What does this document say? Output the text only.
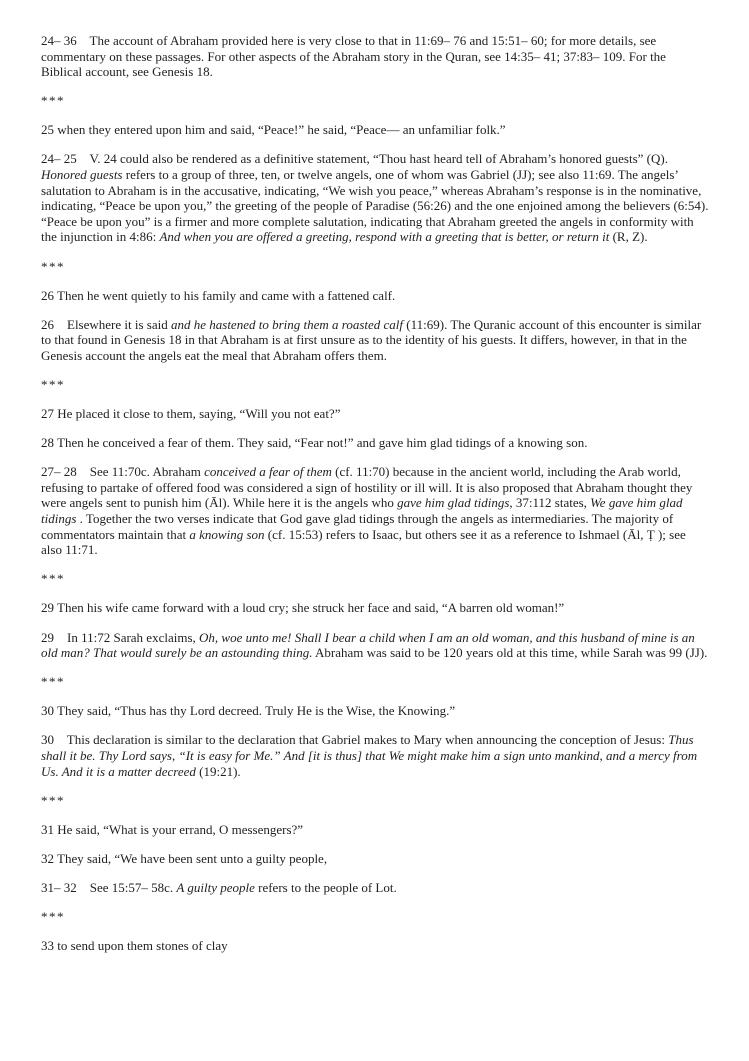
24– 36    The account of Abraham provided here is very close to that in 11:69– 76 and 15:51– 60; for more details, see commentary on these passages. For other aspects of the Abraham story in the Quran, see 14:35– 41; 37:83– 109. For the Biblical account, see Genesis 18.

***

25 when they entered upon him and said, “Peace!” he said, “Peace— an unfamiliar folk.”

24– 25    V. 24 could also be rendered as a definitive statement, “Thou hast heard tell of Abraham’s honored guests” (Q). Honored guests refers to a group of three, ten, or twelve angels, one of whom was Gabriel (JJ); see also 11:69. The angels’ salutation to Abraham is in the accusative, indicating, “We wish you peace,” whereas Abraham’s response is in the nominative, indicating, “Peace be upon you,” the greeting of the people of Paradise (56:26) and the one enjoined among the believers (6:54). “Peace be upon you” is a firmer and more complete salutation, indicating that Abraham greeted the angels in conformity with the injunction in 4:86: And when you are offered a greeting, respond with a greeting that is better, or return it (R, Z).

***

26 Then he went quietly to his family and came with a fattened calf.

26    Elsewhere it is said and he hastened to bring them a roasted calf (11:69). The Quranic account of this encounter is similar to that found in Genesis 18 in that Abraham is at first unsure as to the identity of his guests. It differs, however, in that in the Genesis account the angels eat the meal that Abraham offers them.

***

27 He placed it close to them, saying, “Will you not eat?”

28 Then he conceived a fear of them. They said, “Fear not!” and gave him glad tidings of a knowing son.

27– 28    See 11:70c. Abraham conceived a fear of them (cf. 11:70) because in the ancient world, including the Arab world, refusing to partake of offered food was considered a sign of hostility or ill will. It is also proposed that Abraham thought they were angels sent to punish him (Āl). While here it is the angels who gave him glad tidings, 37:112 states, We gave him glad tidings . Together the two verses indicate that God gave glad tidings through the angels as intermediaries. The majority of commentators maintain that a knowing son (cf. 15:53) refers to Isaac, but others see it as a reference to Ishmael (Āl, Ṭ ); see also 11:71.

***

29 Then his wife came forward with a loud cry; she struck her face and said, “A barren old woman!”

29    In 11:72 Sarah exclaims, Oh, woe unto me! Shall I bear a child when I am an old woman, and this husband of mine is an old man? That would surely be an astounding thing. Abraham was said to be 120 years old at this time, while Sarah was 99 (JJ).

***

30 They said, “Thus has thy Lord decreed. Truly He is the Wise, the Knowing.”

30    This declaration is similar to the declaration that Gabriel makes to Mary when announcing the conception of Jesus: Thus shall it be. Thy Lord says, “It is easy for Me.” And [it is thus] that We might make him a sign unto mankind, and a mercy from Us. And it is a matter decreed (19:21).

***

31 He said, “What is your errand, O messengers?”

32 They said, “We have been sent unto a guilty people,

31– 32    See 15:57– 58c. A guilty people refers to the people of Lot.

***

33 to send upon them stones of clay
